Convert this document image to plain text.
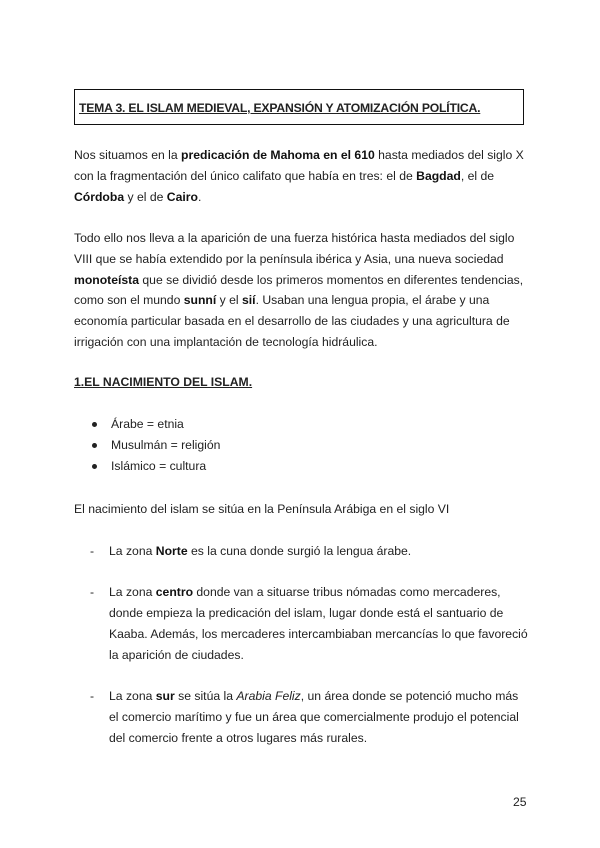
TEMA 3. EL ISLAM MEDIEVAL, EXPANSIÓN Y ATOMIZACIÓN POLÍTICA.
Nos situamos en la predicación de Mahoma en el 610 hasta mediados del siglo X
con la fragmentación del único califato que había en tres: el de Bagdad, el de
Córdoba y el de Cairo.
Todo ello nos lleva a la aparición de una fuerza histórica hasta mediados del siglo
VIII que se había extendido por la península ibérica y Asia, una nueva sociedad
monoteísta que se dividió desde los primeros momentos en diferentes tendencias,
como son el mundo sunní y el sií. Usaban una lengua propia, el árabe y una
economía particular basada en el desarrollo de las ciudades y una agricultura de
irrigación con una implantación de tecnología hidráulica.
1.EL NACIMIENTO DEL ISLAM.
Árabe = etnia
Musulmán = religión
Islámico = cultura
El nacimiento del islam se sitúa en la Península Arábiga en el siglo VI
- La zona Norte es la cuna donde surgió la lengua árabe.
- La zona centro donde van a situarse tribus nómadas como mercaderes,
donde empieza la predicación del islam, lugar donde está el santuario de
Kaaba. Además, los mercaderes intercambiaban mercancías lo que favoreció
la aparición de ciudades.
- La zona sur se sitúa la Arabia Feliz, un área donde se potenció mucho más
el comercio marítimo y fue un área que comercialmente produjo el potencial
del comercio frente a otros lugares más rurales.
25
